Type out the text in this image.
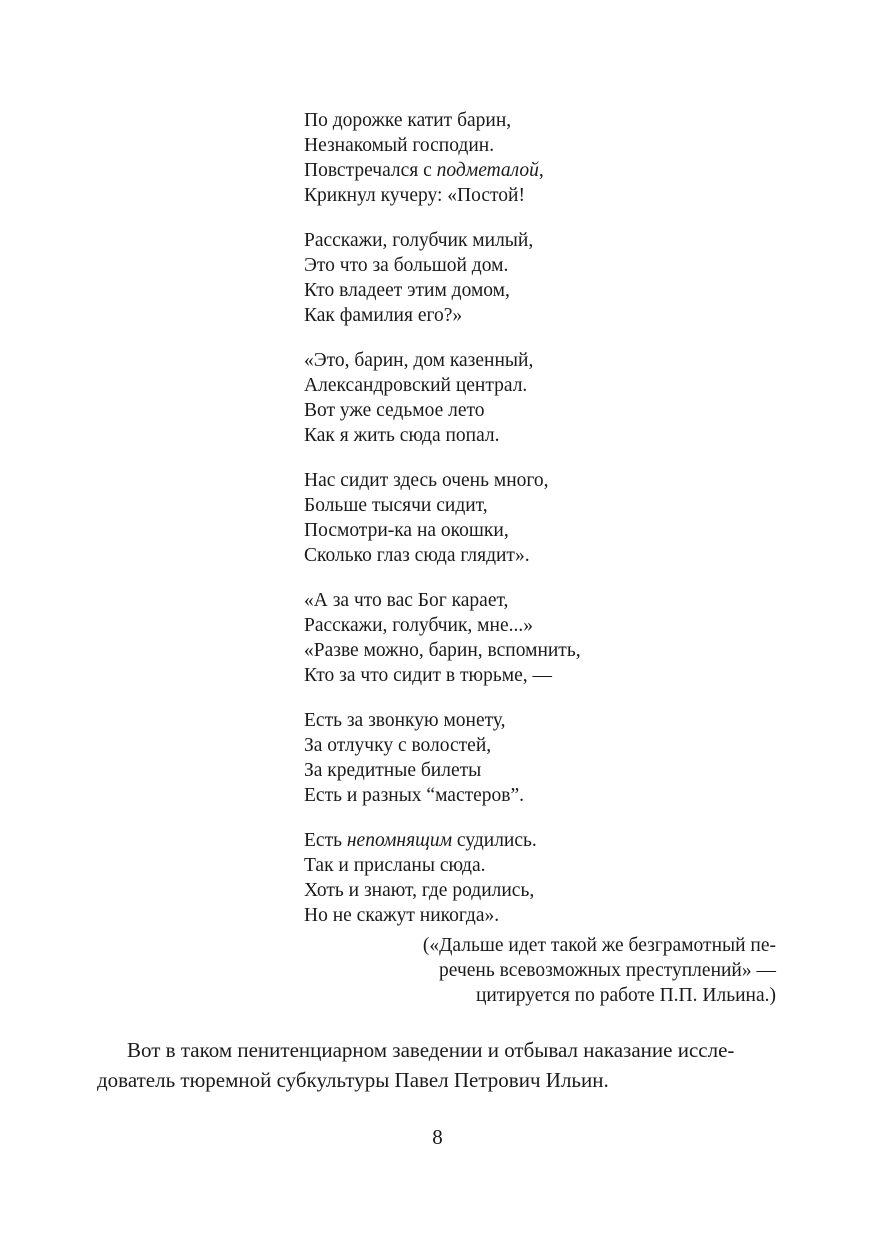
По дорожке катит барин,
Незнакомый господин.
Повстречался с подметалой,
Крикнул кучеру: «Постой!
Расскажи, голубчик милый,
Это что за большой дом.
Кто владеет этим домом,
Как фамилия его?»
«Это, барин, дом казенный,
Александровский централ.
Вот уже седьмое лето
Как я жить сюда попал.
Нас сидит здесь очень много,
Больше тысячи сидит,
Посмотри-ка на окошки,
Сколько глаз сюда глядит».
«А за что вас Бог карает,
Расскажи, голубчик, мне...»
«Разве можно, барин, вспомнить,
Кто за что сидит в тюрьме, —
Есть за звонкую монету,
За отлучку с волостей,
За кредитные билеты
Есть и разных “мастеров”.
Есть непомнящим судились.
Так и присланы сюда.
Хоть и знают, где родились,
Но не скажут никогда».
(«Дальше идет такой же безграмотный пе-
речень всевозможных преступлений» —
цитируется по работе П.П. Ильина.)
Вот в таком пенитенциарном заведении и отбывал наказание иссле-
дователь тюремной субкультуры Павел Петрович Ильин.
8
